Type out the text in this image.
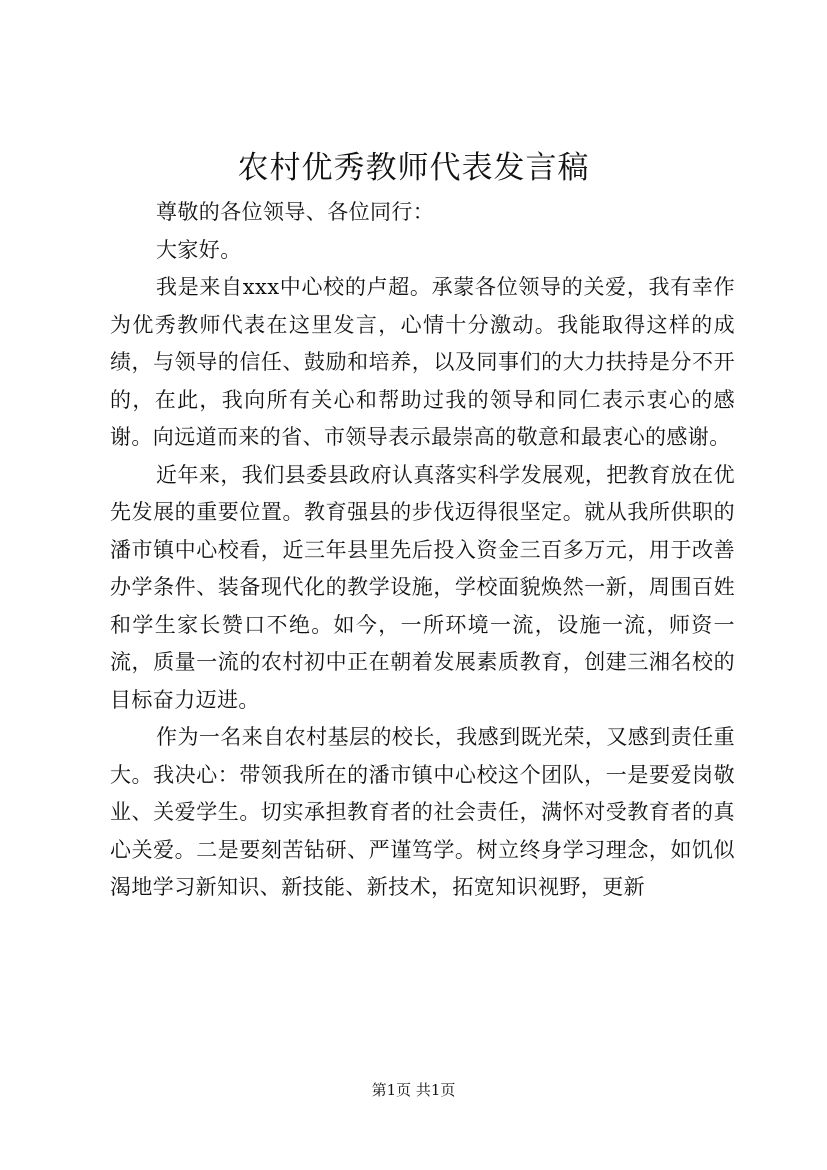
农村优秀教师代表发言稿

尊敬的各位领导、各位同行：

大家好。

我是来自xxx中心校的卢超。承蒙各位领导的关爱，我有幸作为优秀教师代表在这里发言，心情十分激动。我能取得这样的成绩，与领导的信任、鼓励和培养，以及同事们的大力扶持是分不开的，在此，我向所有关心和帮助过我的领导和同仁表示衷心的感谢。向远道而来的省、市领导表示最崇高的敬意和最衷心的感谢。

近年来，我们县委县政府认真落实科学发展观，把教育放在优先发展的重要位置。教育强县的步伐迈得很坚定。就从我所供职的潘市镇中心校看，近三年县里先后投入资金三百多万元，用于改善办学条件、装备现代化的教学设施，学校面貌焕然一新，周围百姓和学生家长赞口不绝。如今，一所环境一流，设施一流，师资一流，质量一流的农村初中正在朝着发展素质教育，创建三湘名校的目标奋力迈进。

作为一名来自农村基层的校长，我感到既光荣，又感到责任重大。我决心：带领我所在的潘市镇中心校这个团队，一是要爱岗敬业、关爱学生。切实承担教育者的社会责任，满怀对受教育者的真心关爱。二是要刻苦钻研、严谨笃学。树立终身学习理念，如饥似渴地学习新知识、新技能、新技术，拓宽知识视野，更新

第1页 共1页
